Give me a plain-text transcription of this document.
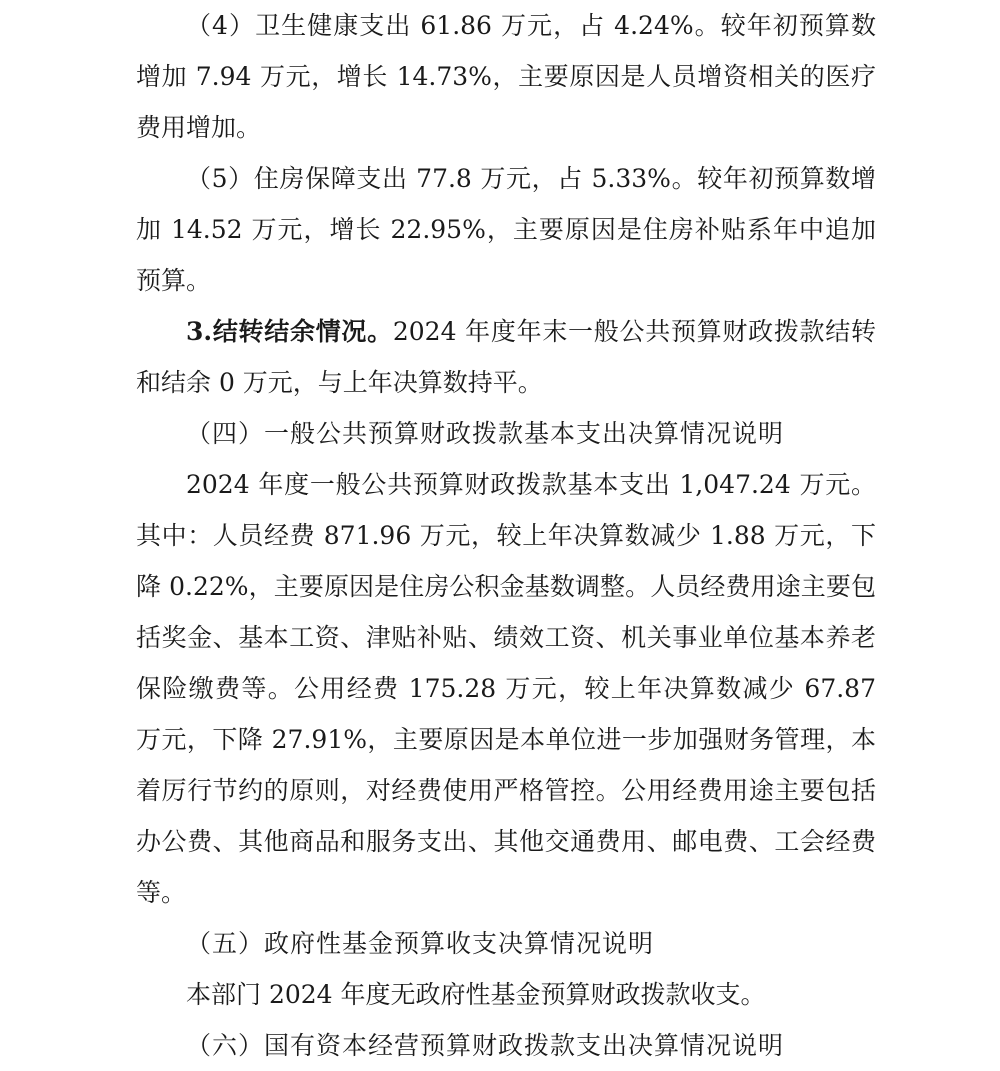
（4）卫生健康支出 61.86 万元，占 4.24%。较年初预算数增加 7.94 万元，增长 14.73%，主要原因是人员增资相关的医疗费用增加。

（5）住房保障支出 77.8 万元，占 5.33%。较年初预算数增加 14.52 万元，增长 22.95%，主要原因是住房补贴系年中追加预算。

3.结转结余情况。2024 年度年末一般公共预算财政拨款结转和结余 0 万元，与上年决算数持平。

（四）一般公共预算财政拨款基本支出决算情况说明

2024 年度一般公共预算财政拨款基本支出 1,047.24 万元。其中：人员经费 871.96 万元，较上年决算数减少 1.88 万元，下降 0.22%，主要原因是住房公积金基数调整。人员经费用途主要包括奖金、基本工资、津贴补贴、绩效工资、机关事业单位基本养老保险缴费等。公用经费 175.28 万元，较上年决算数减少 67.87 万元，下降 27.91%，主要原因是本单位进一步加强财务管理，本着厉行节约的原则，对经费使用严格管控。公用经费用途主要包括办公费、其他商品和服务支出、其他交通费用、邮电费、工会经费等。

（五）政府性基金预算收支决算情况说明

本部门 2024 年度无政府性基金预算财政拨款收支。

（六）国有资本经营预算财政拨款支出决算情况说明
